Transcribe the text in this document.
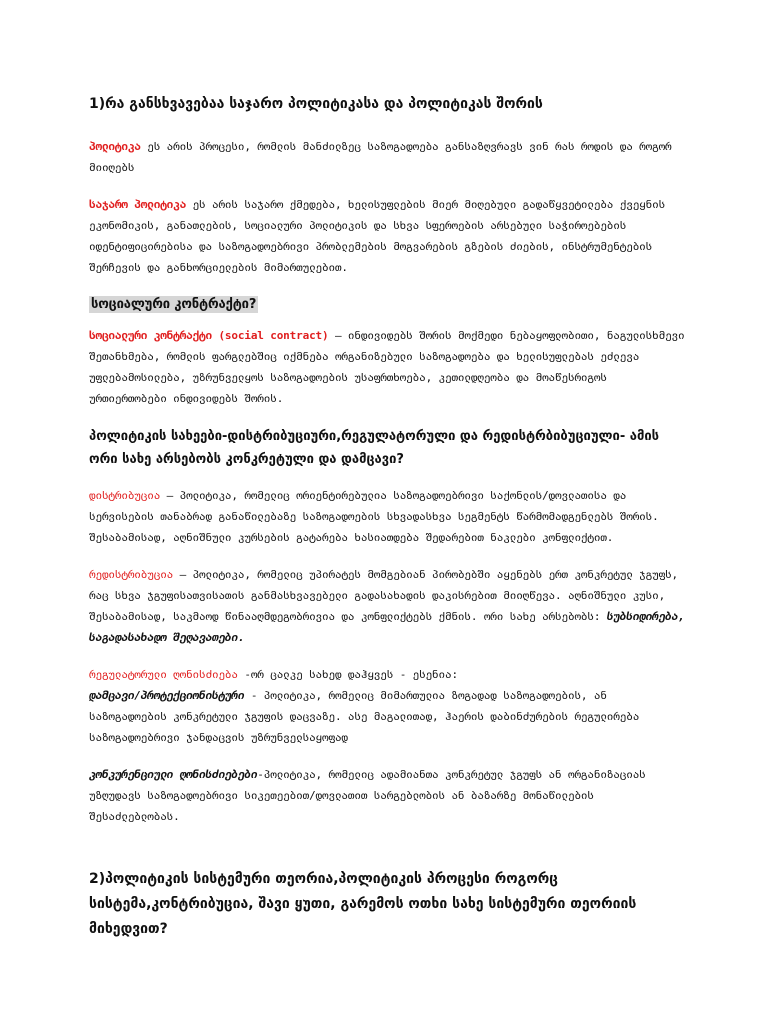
1)რა განსხვავებაა საჯარო პოლიტიკასა და პოლიტიკას შორის

პოლიტიკა ეს არის პროცესი, რომლის მანძილზეც საზოგადოება განსაზღვრავს ვინ რას როდის და როგორ მიიღებს

საჯარო პოლიტიკა ეს არის საჯარო ქმედება, ხელისუფლების მიერ მიღებული გადაწყვეტილება ქვეყნის ეკონომიკის, განათლების, სოციალური პოლიტიკის და სხვა სფეროების არსებული საჭიროებების იდენტიფიცირებისა და საზოგადოებრივი პრობლემების მოგვარების გზების ძიების, ინსტრუმენტების შერჩევის და განხორციელების მიმართულებით.

სოციალური კონტრაქტი?

სოციალური კონტრაქტი (social contract) – ინდივიდებს შორის მოქმედი ნებაყოფლობითი, ნაგულისხმევი შეთანხმება, რომლის ფარგლებშიც იქმნება ორგანიზებული საზოგადოება და ხელისუფლებას ეძლევა უფლებამოსილება, უზრუნველყოს საზოგადოების უსაფრთხოება, კეთილდღეობა და მოაწესრიგოს ურთიერთობები ინდივიდებს შორის.

პოლიტიკის სახეები-დისტრიბუციური,რეგულატორული და რედისტრბიბუციული- ამის ორი სახე არსებობს კონკრეტული და დამცავი?

დისტრიბუცია – პოლიტიკა, რომელიც ორიენტირებულია საზოგადოებრივი საქონლის/დოვლათისა და სერვისების თანაბრად განაწილებაზე საზოგადოების სხვადასხვა სეგმენტს წარმომადგენლებს შორის. შესაბამისად, აღნიშნული კურსების გატარება ხასიათდება შედარებით ნაკლები კონფლიქტით.

რედისტრიბუცია – პოლიტიკა, რომელიც უპირატეს მომგებიან პირობებში აყენებს ერთ კონკრეტულ ჯგუფს, რაც სხვა ჯგუფისათვისათის განმასხვავებელი გადასახადის დაკისრებით მიიღწევა. აღნიშნული კუსი, შესაბამისად, საკმაოდ წინააღმდეგობრივია და კონფლიქტებს ქმნის. ორი სახე არსებობს: სუბსიდირება, საგადასახადო შეღავათები.

რეგულატორული ღონისძიება -ორ ცალკე სახედ დაჰყვეს - ესენია:
დამცავი/პროტექციონისტური - პოლიტიკა, რომელიც მიმართულია ზოგადად საზოგადოების, ან საზოგადოების კონკრეტული ჯგუფის დაცვაზე. ასე მაგალითად, ჰაერის დაბინძურების რეგულირება საზოგადოებრივი ჯანდაცვის უზრუნველსაყოფად

კონკურენციული ღონისძიებები-პოლიტიკა, რომელიც ადამიანთა კონკრეტულ ჯგუფს ან ორგანიზაციას უზღუდავს საზოგადოებრივი სიკეთეებით/დოვლათით სარგებლობის ან ბაზარზე მონაწილების შესაძლებლობას.

2)პოლიტიკის სისტემური თეორია,პოლიტიკის პროცესი როგორც სისტემა,კონტრიბუცია, შავი ყუთი, გარემოს ოთხი სახე სისტემური თეორიის მიხედვით?
